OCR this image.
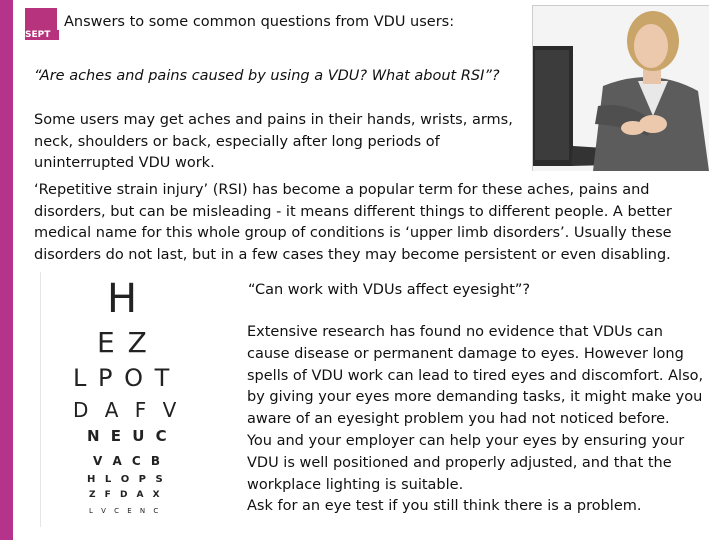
SEPT
Answers to some common questions from VDU users:
“Are aches and pains caused by using a VDU? What about RSI”?
Some users may get aches and pains in their hands, wrists, arms,
neck, shoulders or back, especially after long periods of
uninterrupted VDU work.
‘Repetitive strain injury’ (RSI) has become a popular term for these aches, pains and
disorders, but can be misleading - it means different things to different people. A better
medical name for this whole group of conditions is ‘upper limb disorders’. Usually these
disorders do not last, but in a few cases they may become persistent or even disabling.
H
E Z
L P O T
D A F V
N E U C
V A C B
H L O P S
Z F D A X
L V C E N C
“Can work with VDUs affect eyesight”?
Extensive research has found no evidence that VDUs can
cause disease or permanent damage to eyes. However long
spells of VDU work can lead to tired eyes and discomfort. Also,
by giving your eyes more demanding tasks, it might make you
aware of an eyesight problem you had not noticed before.
You and your employer can help your eyes by ensuring your
VDU is well positioned and properly adjusted, and that the
workplace lighting is suitable.
Ask for an eye test if you still think there is a problem.
